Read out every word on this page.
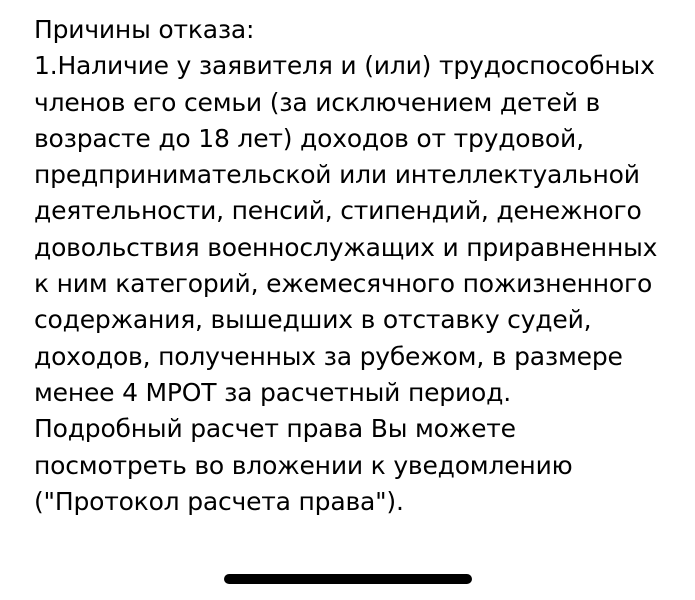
Причины отказа:
1.Наличие у заявителя и (или) трудоспособных
членов его семьи (за исключением детей в
возрасте до 18 лет) доходов от трудовой,
предпринимательской или интеллектуальной
деятельности, пенсий, стипендий, денежного
довольствия военнослужащих и приравненных
к ним категорий, ежемесячного пожизненного
содержания, вышедших в отставку судей,
доходов, полученных за рубежом, в размере
менее 4 МРОТ за расчетный период.
Подробный расчет права Вы можете
посмотреть во вложении к уведомлению
("Протокол расчета права").
